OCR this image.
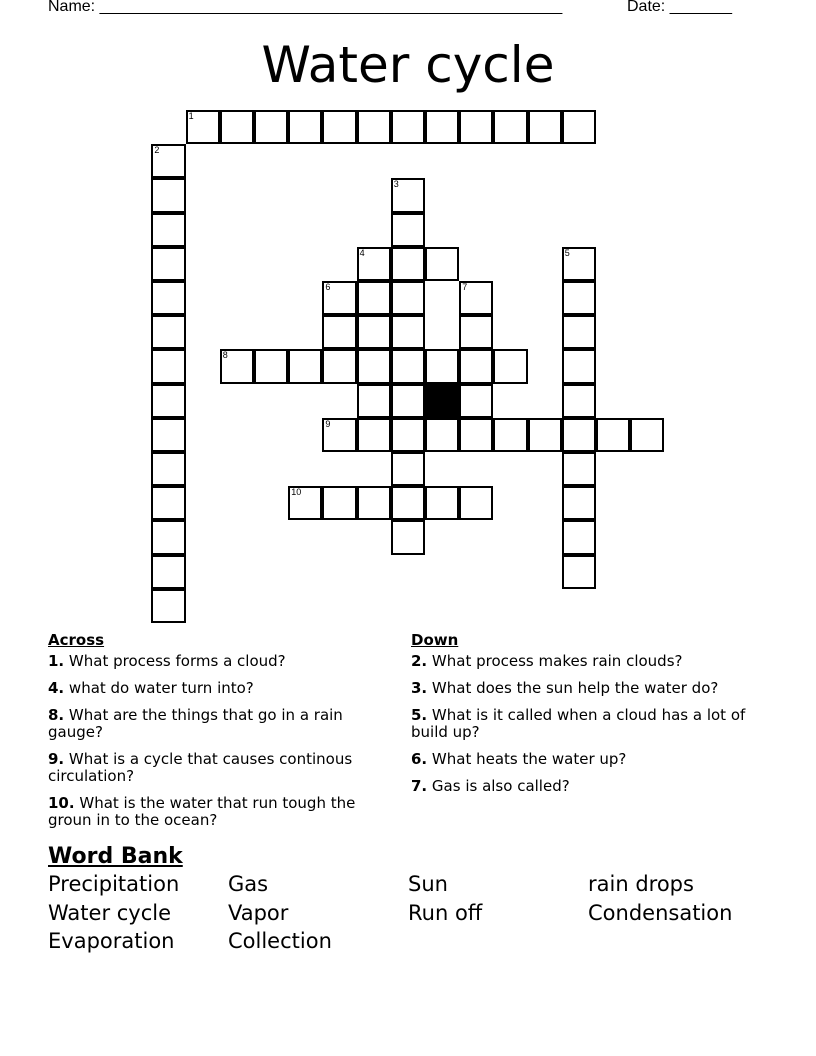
Name: ____________________________________________________	Date: _______
Water cycle
1
2
3
4	5
6	7
8
9
10
Across
1. What process forms a cloud?
4. what do water turn into?
8. What are the things that go in a rain gauge?
9. What is a cycle that causes continous circulation?
10. What is the water that run tough the groun in to the ocean?
Down
2. What process makes rain clouds?
3. What does the sun help the water do?
5. What is it called when a cloud has a lot of build up?
6. What heats the water up?
7. Gas is also called?
Word Bank
Precipitation	Gas	Sun	rain drops
Water cycle	Vapor	Run off	Condensation
Evaporation	Collection
